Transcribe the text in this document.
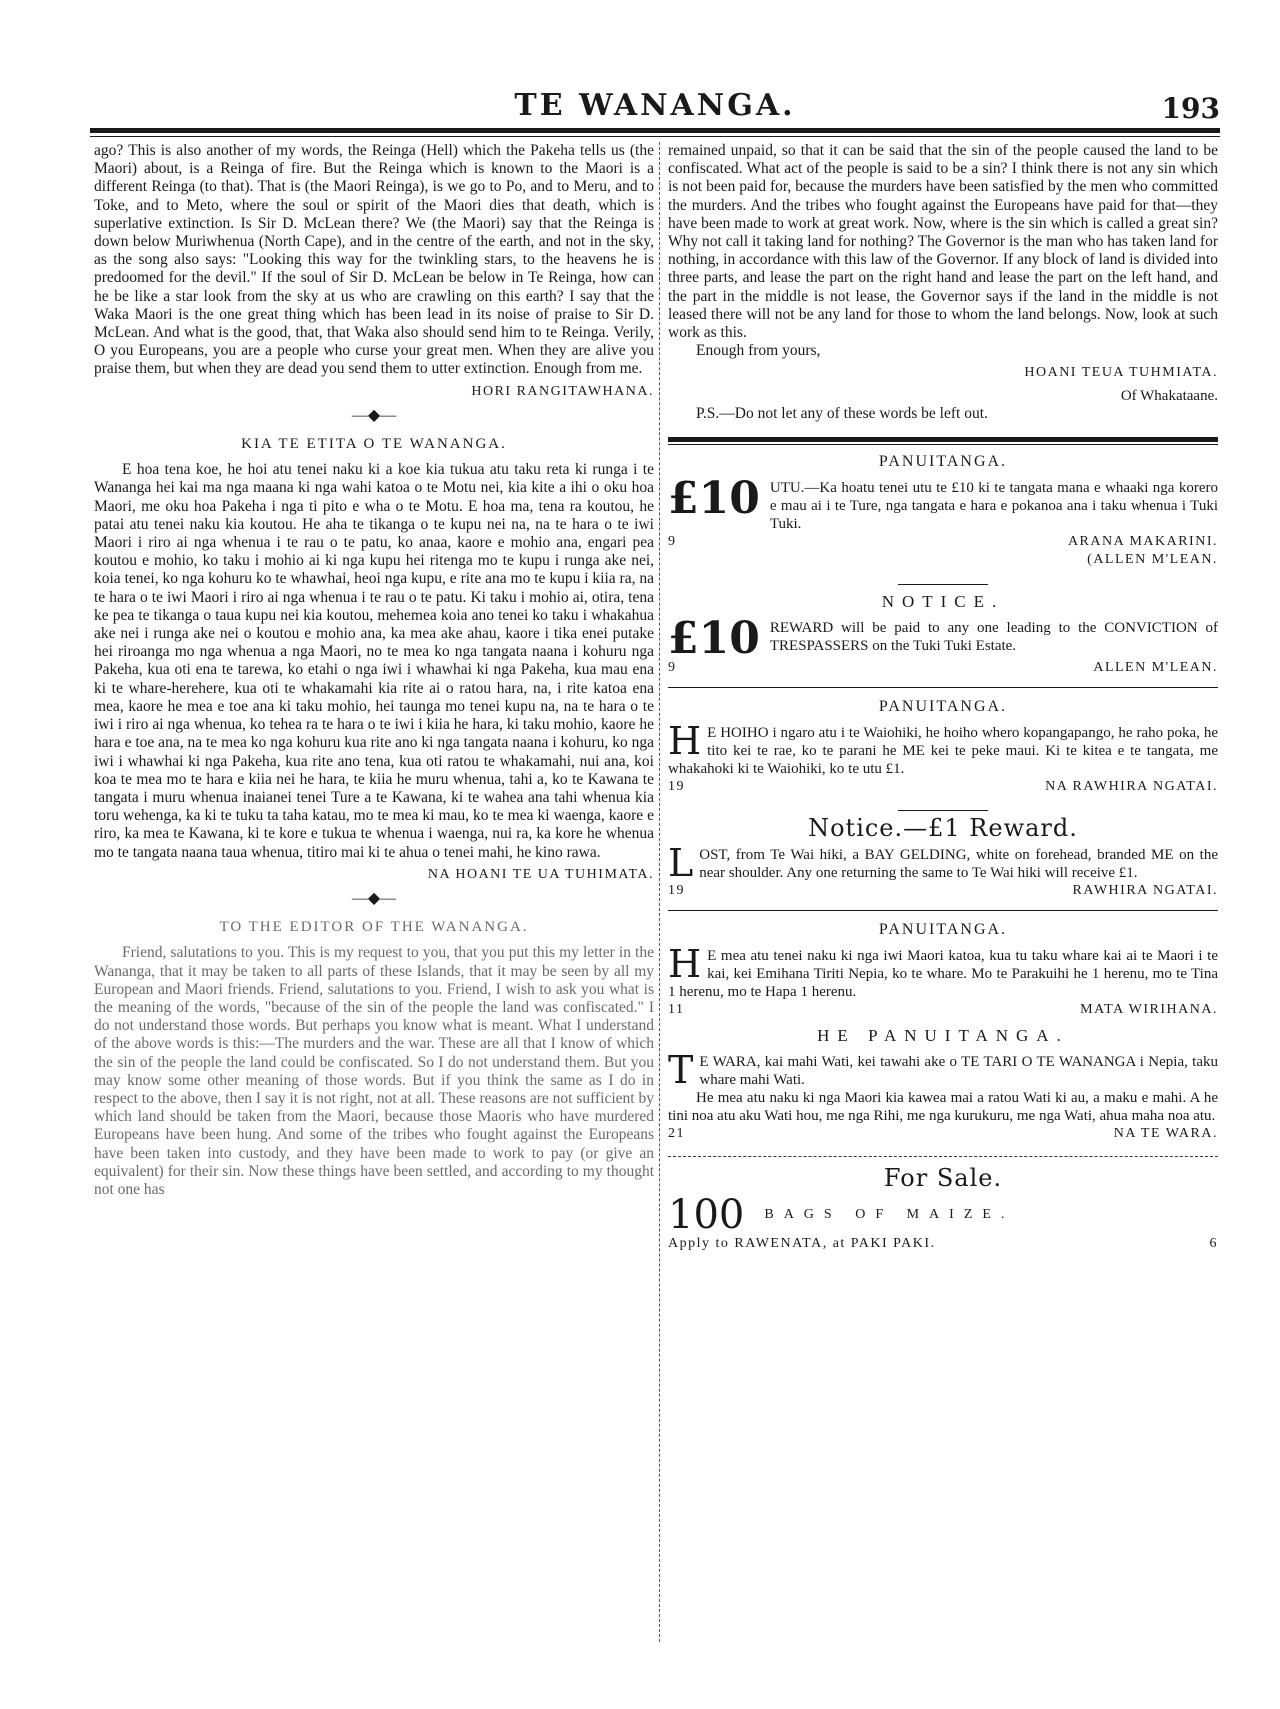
TE WANANGA.	193

ago? This is also another of my words, the Reinga (Hell) which the Pakeha tells us (the Maori) about, is a Reinga of fire. But the Reinga which is known to the Maori is a different Reinga (to that). That is (the Maori Reinga), is we go to Po, and to Meru, and to Toke, and to Meto, where the soul or spirit of the Maori dies that death, which is superlative extinction. Is Sir D. McLean there? We (the Maori) say that the Reinga is down below Muriwhenua (North Cape), and in the centre of the earth, and not in the sky, as the song also says: "Looking this way for the twinkling stars, to the heavens he is predoomed for the devil." If the soul of Sir D. McLean be below in Te Reinga, how can he be like a star look from the sky at us who are crawling on this earth? I say that the Waka Maori is the one great thing which has been lead in its noise of praise to Sir D. McLean. And what is the good, that, that Waka also should send him to te Reinga. Verily, O you Europeans, you are a people who curse your great men. When they are alive you praise them, but when they are dead you send them to utter extinction. Enough from me.

HORI RANGITAWHANA.
—◆—
KIA TE ETITA O TE WANANGA.

E hoa tena koe, he hoi atu tenei naku ki a koe kia tukua atu taku reta ki runga i te Wananga hei kai ma nga maana ki nga wahi katoa o te Motu nei, kia kite a ihi o oku hoa Maori, me oku hoa Pakeha i nga ti pito e wha o te Motu. E hoa ma, tena ra koutou, he patai atu tenei naku kia koutou. He aha te tikanga o te kupu nei na, na te hara o te iwi Maori i riro ai nga whenua i te rau o te patu, ko anaa, kaore e mohio ana, engari pea koutou e mohio, ko taku i mohio ai ki nga kupu hei ritenga mo te kupu i runga ake nei, koia tenei, ko nga kohuru ko te whawhai, heoi nga kupu, e rite ana mo te kupu i kiia ra, na te hara o te iwi Maori i riro ai nga whenua i te rau o te patu. Ki taku i mohio ai, otira, tena ke pea te tikanga o taua kupu nei kia koutou, mehemea koia ano tenei ko taku i whakahua ake nei i runga ake nei o koutou e mohio ana, ka mea ake ahau, kaore i tika enei putake hei riroanga mo nga whenua a nga Maori, no te mea ko nga tangata naana i kohuru nga Pakeha, kua oti ena te tarewa, ko etahi o nga iwi i whawhai ki nga Pakeha, kua mau ena ki te whare-herehere, kua oti te whakamahi kia rite ai o ratou hara, na, i rite katoa ena mea, kaore he mea e toe ana ki taku mohio, hei taunga mo tenei kupu na, na te hara o te iwi i riro ai nga whenua, ko tehea ra te hara o te iwi i kiia he hara, ki taku mohio, kaore he hara e toe ana, na te mea ko nga kohuru kua rite ano ki nga tangata naana i kohuru, ko nga iwi i whawhai ki nga Pakeha, kua rite ano tena, kua oti ratou te whakamahi, nui ana, koi koa te mea mo te hara e kiia nei he hara, te kiia he muru whenua, tahi a, ko te Kawana te tangata i muru whenua inaianei tenei Ture a te Kawana, ki te wahea ana tahi whenua kia toru wehenga, ka ki te tuku ta taha katau, mo te mea ki mau, ko te mea ki waenga, kaore e riro, ka mea te Kawana, ki te kore e tukua te whenua i waenga, nui ra, ka kore he whenua mo te tangata naana taua whenua, titiro mai ki te ahua o tenei mahi, he kino rawa.

NA HOANI TE UA TUHIMATA.
—◆—
TO THE EDITOR OF THE WANANGA.

Friend, salutations to you. This is my request to you, that you put this my letter in the Wananga, that it may be taken to all parts of these Islands, that it may be seen by all my European and Maori friends. Friend, salutations to you. Friend, I wish to ask you what is the meaning of the words, "because of the sin of the people the land was confiscated." I do not understand those words. But perhaps you know what is meant. What I understand of the above words is this:—The murders and the war. These are all that I know of which the sin of the people the land could be confiscated. So I do not understand them. But you may know some other meaning of those words. But if you think the same as I do in respect to the above, then I say it is not right, not at all. These reasons are not sufficient by which land should be taken from the Maori, because those Maoris who have murdered Europeans have been hung. And some of the tribes who fought against the Europeans have been taken into custody, and they have been made to work to pay (or give an equivalent) for their sin. Now these things have been settled, and according to my thought not one has

remained unpaid, so that it can be said that the sin of the people caused the land to be confiscated. What act of the people is said to be a sin? I think there is not any sin which is not been paid for, because the murders have been satisfied by the men who committed the murders. And the tribes who fought against the Europeans have paid for that—they have been made to work at great work. Now, where is the sin which is called a great sin? Why not call it taking land for nothing? The Governor is the man who has taken land for nothing, in accordance with this law of the Governor. If any block of land is divided into three parts, and lease the part on the right hand and lease the part on the left hand, and the part in the middle is not lease, the Governor says if the land in the middle is not leased there will not be any land for those to whom the land belongs. Now, look at such work as this.

Enough from yours,

HOANI TEUA TUHMIATA.
Of Whakataane.

P.S.—Do not let any of these words be left out.

PANUITANGA.
£10 UTU.—Ka hoatu tenei utu te £10 ki te tangata mana e whaaki nga korero e mau ai i te Ture, nga tangata e hara e pokanoa ana i taku whenua i Tuki Tuki.

9	ARANA MAKARINI.
(ALLEN M'LEAN.
NOTICE.
£10 REWARD will be paid to any one leading to the CONVICTION of TRESPASSERS on the Tuki Tuki Estate.

9	ALLEN M'LEAN.
PANUITANGA.
H E HOIHO i ngaro atu i te Waiohiki, he hoiho whero kopangapango, he raho poka, he tito kei te rae, ko te parani he ME kei te peke maui. Ki te kitea e te tangata, me whakahoki ki te Waiohiki, ko te utu £1.

19	NA RAWHIRA NGATAI.
Notice.—£1 Reward.
L OST, from Te Wai hiki, a BAY GELDING, white on forehead, branded ME on the near shoulder. Any one returning the same to Te Wai hiki will receive £1.

19	RAWHIRA NGATAI.
PANUITANGA.
H E mea atu tenei naku ki nga iwi Maori katoa, kua tu taku whare kai ai te Maori i te kai, kei Emihana Tiriti Nepia, ko te whare. Mo te Parakuihi he 1 herenu, mo te Tina 1 herenu, mo te Hapa 1 herenu.

11	MATA WIRIHANA.
HE PANUITANGA.
T E WARA, kai mahi Wati, kei tawahi ake o TE TARI O TE WANANGA i Nepia, taku whare mahi Wati.

He mea atu naku ki nga Maori kia kawea mai a ratou Wati ki au, a maku e mahi. A he tini noa atu aku Wati hou, me nga Rihi, me nga kurukuru, me nga Wati, ahua maha noa atu.

21	NA TE WARA.
For Sale.
100 BAGS OF MAIZE.
Apply to RAWENATA, at PAKI PAKI.	6
